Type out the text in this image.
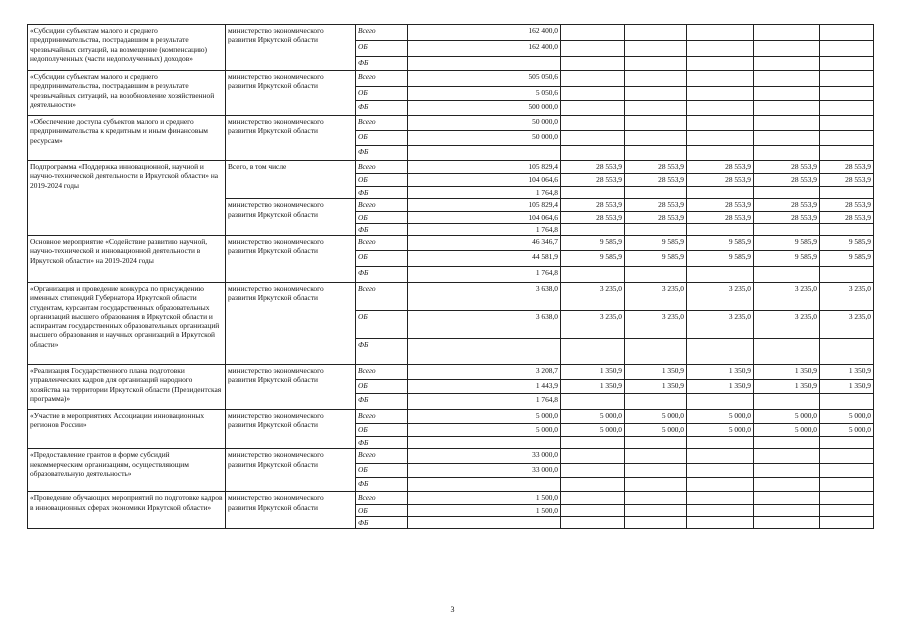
«Субсидии субъектам малого и среднего предпринимательства, пострадавшим в результате чрезвычайных ситуаций, на возмещение (компенсацию) недополученных (части недополученных) доходов»	министерство экономического развития Иркутской области	Всего	162 400,0					
		ОБ	162 400,0					
		ФБ						
«Субсидии субъектам малого и среднего предпринимательства, пострадавшим в результате чрезвычайных ситуаций, на возобновление хозяйственной деятельности»	министерство экономического развития Иркутской области	Всего	505 050,6					
		ОБ	5 050,6					
		ФБ	500 000,0					
«Обеспечение доступа субъектов малого и среднего предпринимательства к кредитным и иным финансовым ресурсам»	министерство экономического развития Иркутской области	Всего	50 000,0					
		ОБ	50 000,0					
		ФБ						
Подпрограмма «Поддержка инновационной, научной и научно-технической деятельности в Иркутской области» на 2019-2024 годы	Всего, в том числе	Всего	105 829,4	28 553,9	28 553,9	28 553,9	28 553,9	28 553,9
		ОБ	104 064,6	28 553,9	28 553,9	28 553,9	28 553,9	28 553,9
		ФБ	1 764,8					
	министерство экономического развития Иркутской области	Всего	105 829,4	28 553,9	28 553,9	28 553,9	28 553,9	28 553,9
		ОБ	104 064,6	28 553,9	28 553,9	28 553,9	28 553,9	28 553,9
		ФБ	1 764,8					
Основное мероприятие «Содействие развитию научной, научно-технической и инновационной деятельности в Иркутской области» на 2019-2024 годы	министерство экономического развития Иркутской области	Всего	46 346,7	9 585,9	9 585,9	9 585,9	9 585,9	9 585,9
		ОБ	44 581,9	9 585,9	9 585,9	9 585,9	9 585,9	9 585,9
		ФБ	1 764,8					
«Организация и проведение конкурса по присуждению именных стипендий Губернатора Иркутской области студентам, курсантам государственных образовательных организаций высшего образования в Иркутской области и аспирантам государственных образовательных организаций высшего образования и научных организаций в Иркутской области»	министерство экономического развития Иркутской области	Всего	3 638,0	3 235,0	3 235,0	3 235,0	3 235,0	3 235,0
		ОБ	3 638,0	3 235,0	3 235,0	3 235,0	3 235,0	3 235,0
		ФБ						
«Реализация Государственного плана подготовки управленческих кадров для организаций народного хозяйства на территории Иркутской области (Президентская программа)»	министерство экономического развития Иркутской области	Всего	3 208,7	1 350,9	1 350,9	1 350,9	1 350,9	1 350,9
		ОБ	1 443,9	1 350,9	1 350,9	1 350,9	1 350,9	1 350,9
		ФБ	1 764,8					
«Участие в мероприятиях Ассоциации инновационных регионов России»	министерство экономического развития Иркутской области	Всего	5 000,0	5 000,0	5 000,0	5 000,0	5 000,0	5 000,0
		ОБ	5 000,0	5 000,0	5 000,0	5 000,0	5 000,0	5 000,0
		ФБ						
«Предоставление грантов в форме субсидий некоммерческим организациям, осуществляющим образовательную деятельность»	министерство экономического развития Иркутской области	Всего	33 000,0					
		ОБ	33 000,0					
		ФБ						
«Проведение обучающих мероприятий по подготовке кадров в инновационных сферах экономики Иркутской области»	министерство экономического развития Иркутской области	Всего	1 500,0					
		ОБ	1 500,0					
		ФБ						
3
